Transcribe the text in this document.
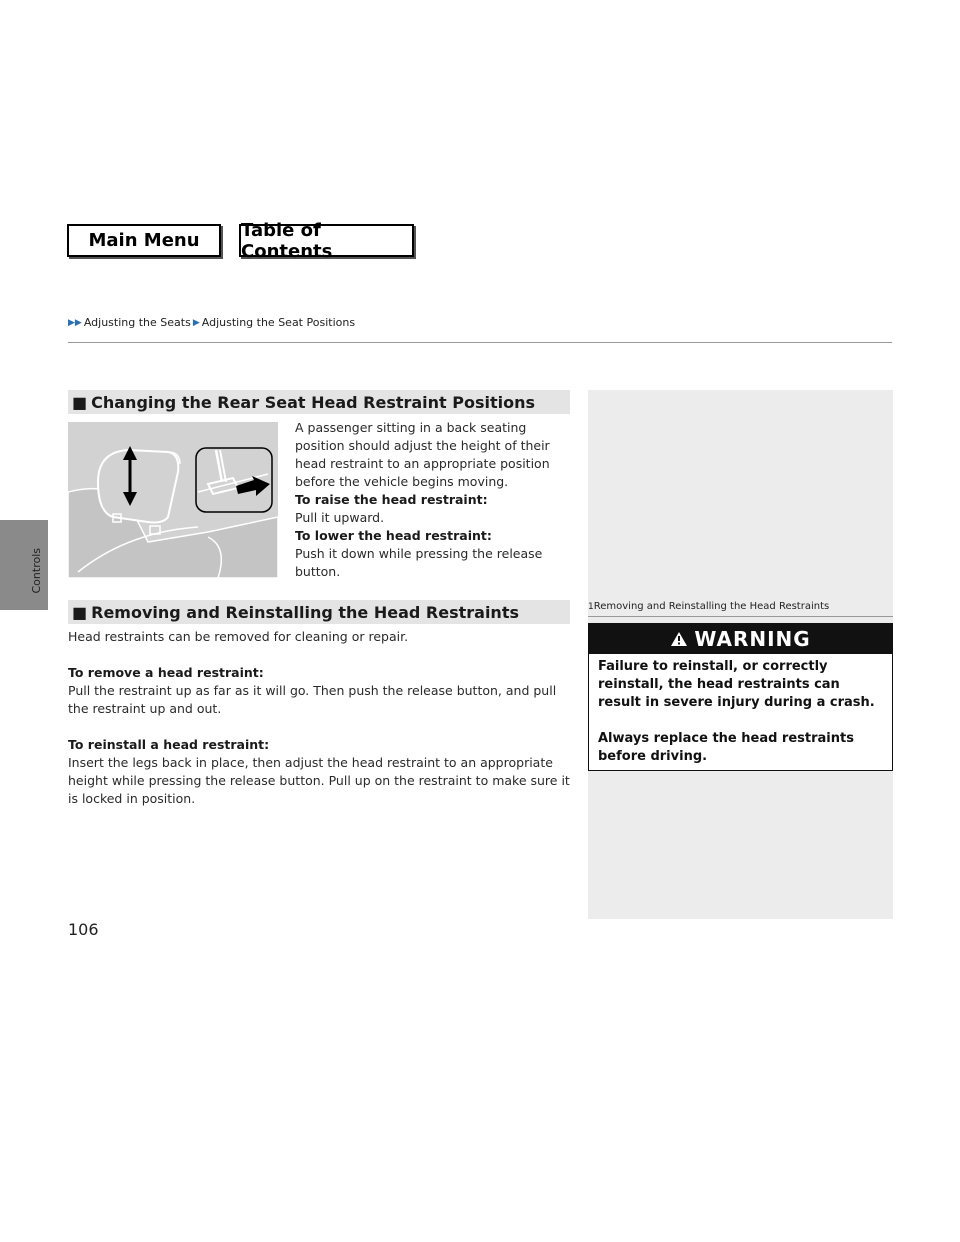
Main Menu	Table of Contents
▶▶ Adjusting the Seats ▶ Adjusting the Seat Positions
Controls
■ Changing the Rear Seat Head Restraint Positions
A passenger sitting in a back seating position should adjust the height of their head restraint to an appropriate position before the vehicle begins moving.
To raise the head restraint:
Pull it upward.
To lower the head restraint:
Push it down while pressing the release button.
■ Removing and Reinstalling the Head Restraints
Head restraints can be removed for cleaning or repair.
To remove a head restraint:
Pull the restraint up as far as it will go. Then push the release button, and pull the restraint up and out.
To reinstall a head restraint:
Insert the legs back in place, then adjust the head restraint to an appropriate height while pressing the release button. Pull up on the restraint to make sure it is locked in position.
1Removing and Reinstalling the Head Restraints
WARNING
Failure to reinstall, or correctly reinstall, the head restraints can result in severe injury during a crash.
Always replace the head restraints before driving.
106
